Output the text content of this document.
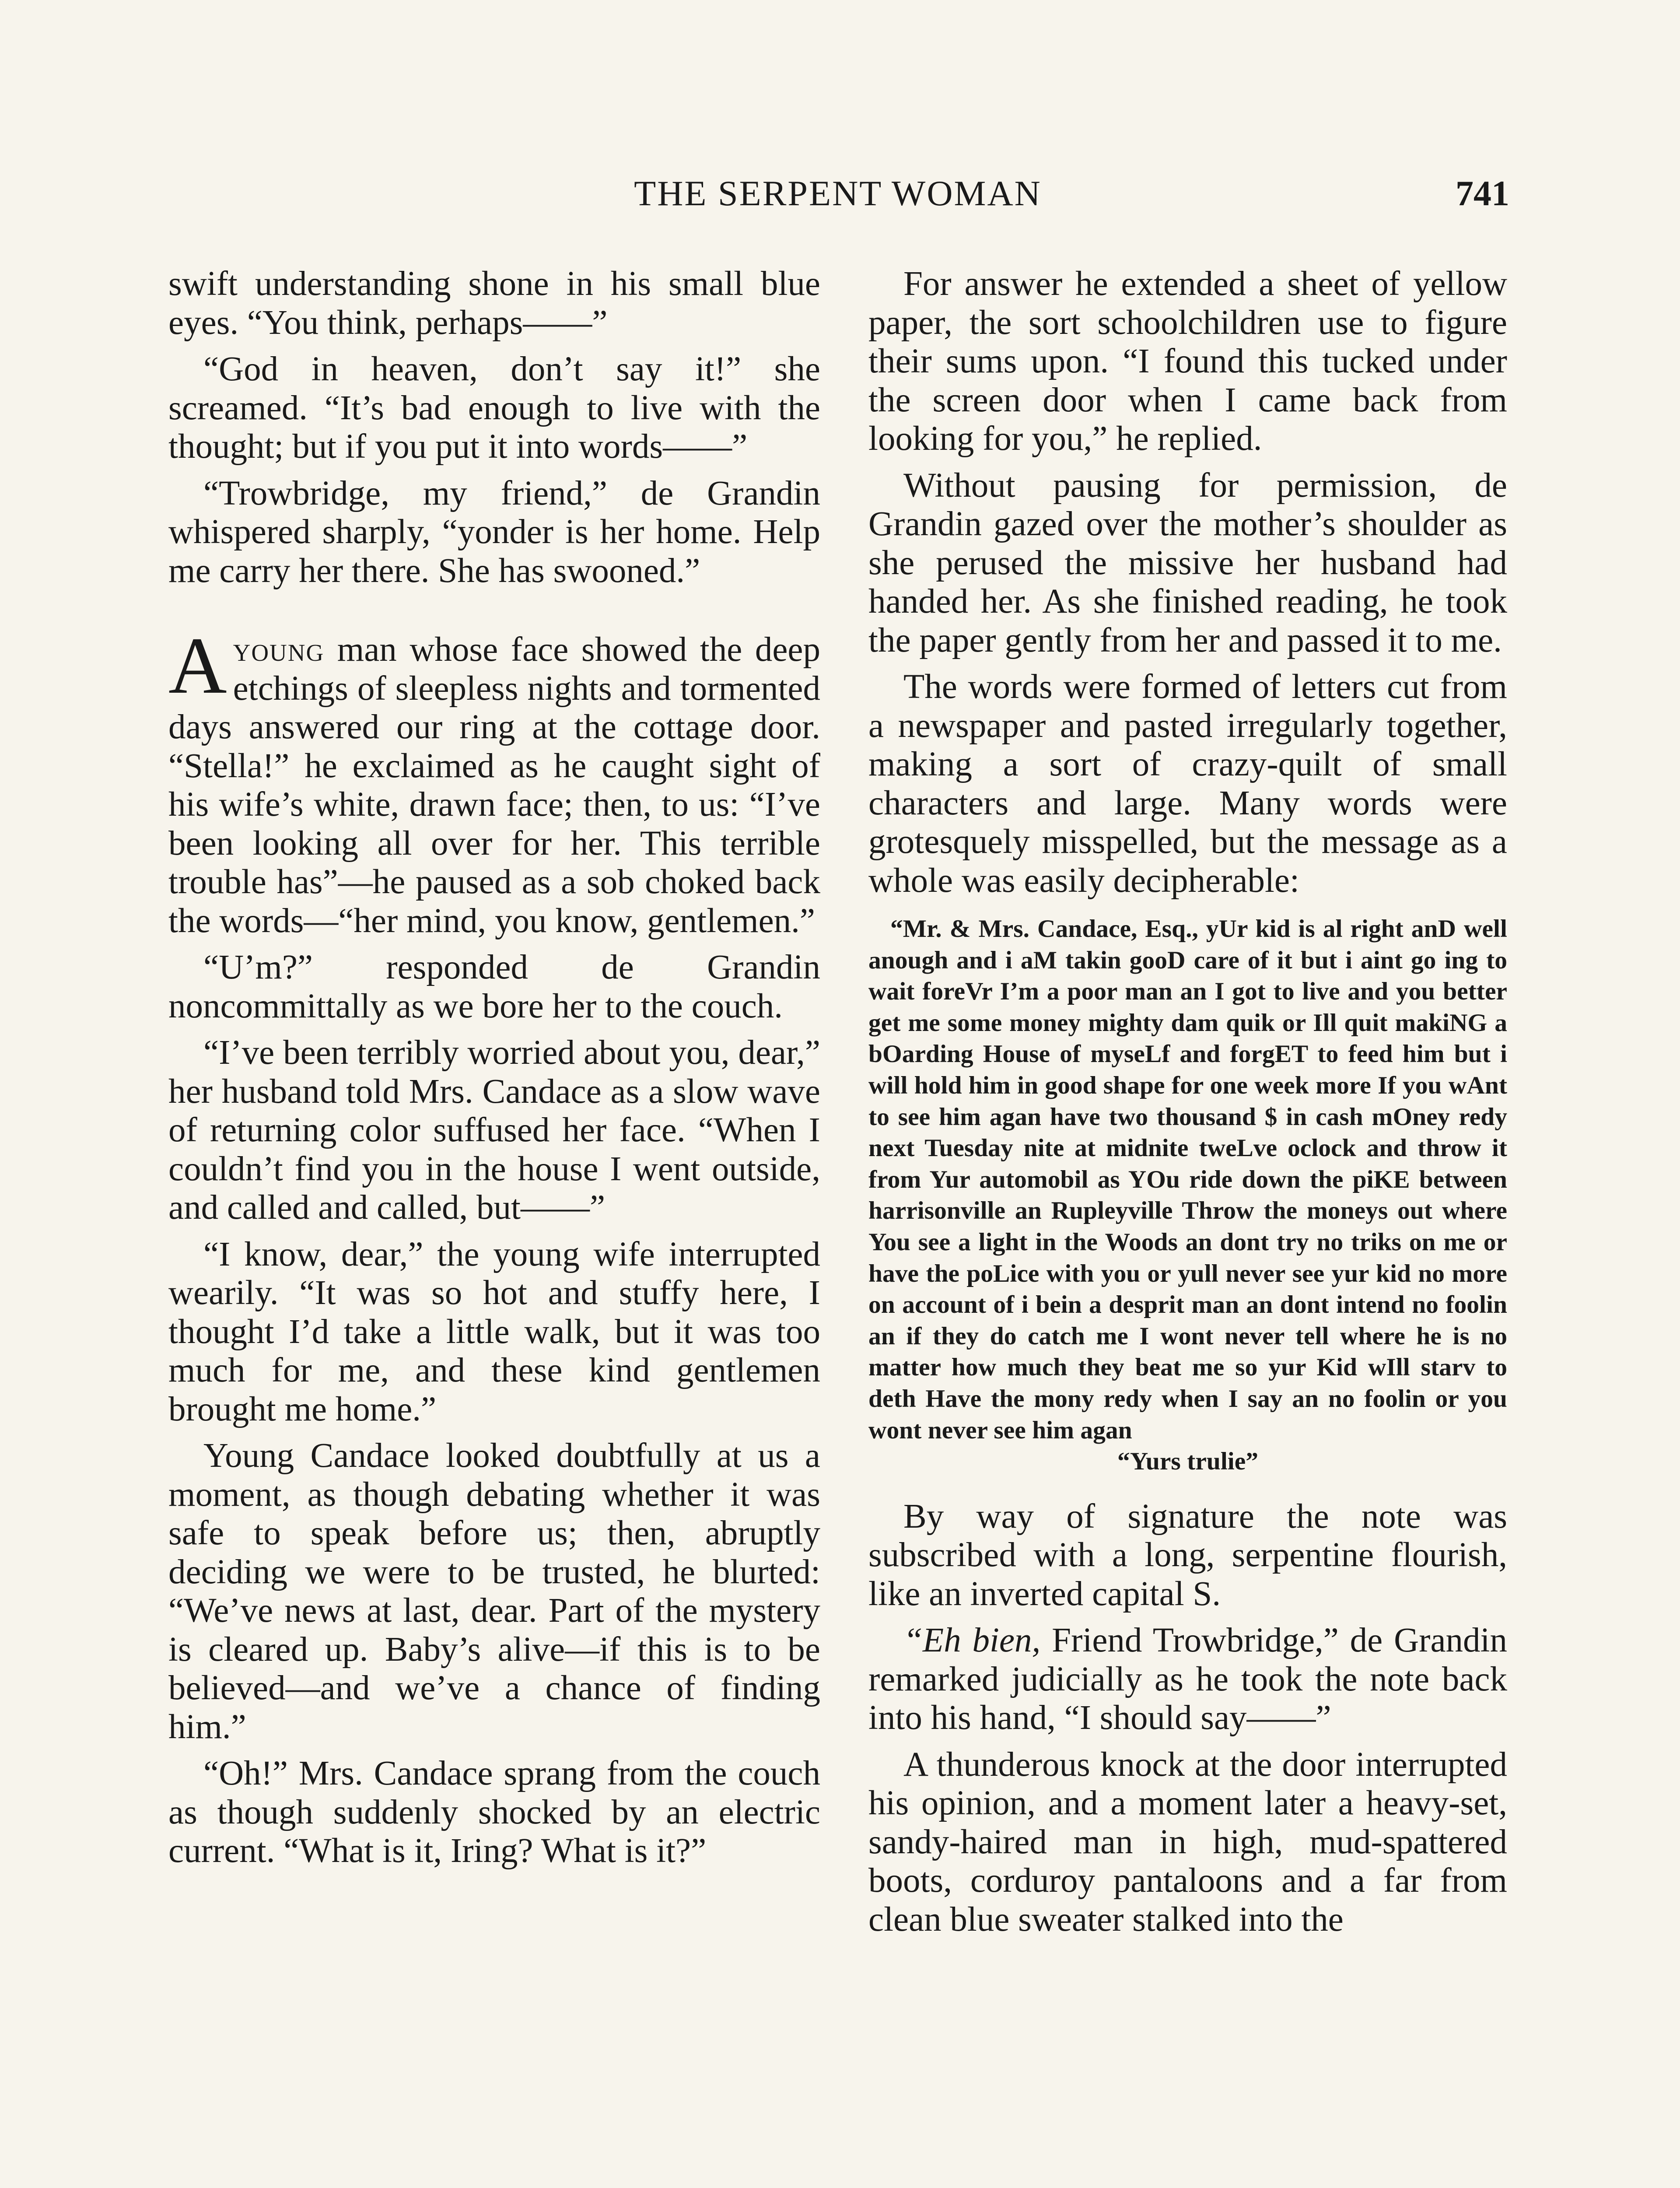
THE SERPENT WOMAN	741

swift understanding shone in his small blue eyes. “You think, perhaps——”

“God in heaven, don’t say it!” she screamed. “It’s bad enough to live with the thought; but if you put it into words——”

“Trowbridge, my friend,” de Grandin whispered sharply, “yonder is her home. Help me carry her there. She has swooned.”

Ayoung man whose face showed the deep etchings of sleepless nights and tormented days answered our ring at the cottage door. “Stella!” he exclaimed as he caught sight of his wife’s white, drawn face; then, to us: “I’ve been looking all over for her. This terrible trouble has”—he paused as a sob choked back the words—“her mind, you know, gentlemen.”

“U’m?” responded de Grandin noncommittally as we bore her to the couch.

“I’ve been terribly worried about you, dear,” her husband told Mrs. Candace as a slow wave of returning color suffused her face. “When I couldn’t find you in the house I went outside, and called and called, but——”

“I know, dear,” the young wife interrupted wearily. “It was so hot and stuffy here, I thought I’d take a little walk, but it was too much for me, and these kind gentlemen brought me home.”

Young Candace looked doubtfully at us a moment, as though debating whether it was safe to speak before us; then, abruptly deciding we were to be trusted, he blurted: “We’ve news at last, dear. Part of the mystery is cleared up. Baby’s alive—if this is to be believed—and we’ve a chance of finding him.”

“Oh!” Mrs. Candace sprang from the couch as though suddenly shocked by an electric current. “What is it, Iring? What is it?”

For answer he extended a sheet of yellow paper, the sort schoolchildren use to figure their sums upon. “I found this tucked under the screen door when I came back from looking for you,” he replied.

Without pausing for permission, de Grandin gazed over the mother’s shoulder as she perused the missive her husband had handed her. As she finished reading, he took the paper gently from her and passed it to me.

The words were formed of letters cut from a newspaper and pasted irregularly together, making a sort of crazy-quilt of small characters and large. Many words were grotesquely misspelled, but the message as a whole was easily decipherable:

“Mr. & Mrs. Candace, Esq., yUr kid is al right anD well anough and i aM takin gooD care of it but i aint go ing to wait foreVr I’m a poor man an I got to live and you better get me some money mighty dam quik or Ill quit makiNG a bOarding House of myseLf and forgET to feed him but i will hold him in good shape for one week more If you wAnt to see him agan have two thousand $ in cash mOney redy next Tuesday nite at midnite tweLve oclock and throw it from Yur automobil as YOu ride down the piKE between harrisonville an Rupleyville Throw the moneys out where You see a light in the Woods an dont try no triks on me or have the poLice with you or yull never see yur kid no more on account of i bein a desprit man an dont intend no foolin an if they do catch me I wont never tell where he is no matter how much they beat me so yur Kid wIll starv to deth Have the mony redy when I say an no foolin or you wont never see him agan

“Yurs trulie”

By way of signature the note was subscribed with a long, serpentine flourish, like an inverted capital S.

“Eh bien, Friend Trowbridge,” de Grandin remarked judicially as he took the note back into his hand, “I should say——”

A thunderous knock at the door interrupted his opinion, and a moment later a heavy-set, sandy-haired man in high, mud-spattered boots, corduroy pantaloons and a far from clean blue sweater stalked into the
